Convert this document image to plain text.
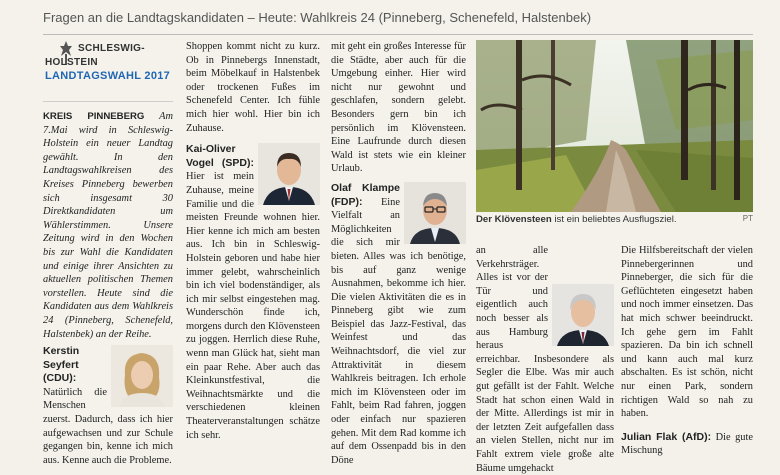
Fragen an die Landtagskandidaten – Heute: Wahlkreis 24 (Pinneberg, Schenefeld, Halstenbek)
SCHLESWIG-
HOLSTEIN
LANDTAGSWAHL 2017

KREIS PINNEBERG Am 7.Mai wird in Schleswig-Holstein ein neuer Landtag gewählt. In den Landtagswahlkreisen des Kreises Pinneberg bewerben sich insgesamt 30 Direktkandidaten um Wählerstimmen. Unsere Zeitung wird in den Wochen bis zur Wahl die Kandidaten und einige ihrer Ansichten zu aktuellen politischen Themen vorstellen. Heute sind die Kandidaten aus dem Wahlkreis 24 (Pinneberg, Schenefeld, Halstenbek) an der Reihe.

Kerstin Seyfert (CDU): Natürlich die Menschen zuerst. Dadurch, dass ich hier aufgewachsen und zur Schule gegangen bin, kenne ich mich aus. Kenne auch die Probleme.

Shoppen kommt nicht zu kurz. Ob in Pinnebergs Innenstadt, beim Möbelkauf in Halstenbek oder trockenen Fußes im Schenefeld Center. Ich fühle mich hier wohl. Hier bin ich Zuhause.

Kai-Oliver Vogel (SPD): Hier ist mein Zuhause, meine Familie und die meisten Freunde wohnen hier. Hier kenne ich mich am besten aus. Ich bin in Schleswig-Holstein geboren und habe hier immer gelebt, wahrscheinlich bin ich viel bodenständiger, als ich mir selbst eingestehen mag. Wunderschön finde ich, morgens durch den Klövensteen zu joggen. Herrlich diese Ruhe, wenn man Glück hat, sieht man ein paar Rehe. Aber auch das Kleinkunstfestival, die Weihnachtsmärkte und die verschiedenen kleinen Theaterveranstaltungen schätze ich sehr.

mit geht ein großes Interesse für die Städte, aber auch für die Umgebung einher. Hier wird nicht nur gewohnt und geschlafen, sondern gelebt. Besonders gern bin ich persönlich im Klövensteen. Eine Laufrunde durch diesen Wald ist stets wie ein kleiner Urlaub.

Olaf Klampe (FDP): Eine Vielfalt an Möglichkeiten die sich mir bieten. Alles was ich benötige, bis auf ganz wenige Ausnahmen, bekomme ich hier. Die vielen Aktivitäten die es in Pinneberg gibt wie zum Beispiel das Jazz-Festival, das Weinfest und das Weihnachtsdorf, die viel zur Attraktivität in diesem Wahlkreis beitragen. Ich erhole mich im Klövensteen oder im Fahlt, beim Rad fahren, joggen oder einfach nur spazieren gehen. Mit dem Rad komme ich auf dem Ossenpadd bis in den Döne

Der Klövensteen ist ein beliebtes Ausflugsziel.	PT

an alle Verkehrsträger. Alles ist vor der Tür und eigentlich auch noch besser als aus Hamburg heraus erreichbar. Insbesondere als Segler die Elbe. Was mir auch gut gefällt ist der Fahlt. Welche Stadt hat schon einen Wald in der Mitte. Allerdings ist mir in der letzten Zeit aufgefallen dass an vielen Stellen, nicht nur im Fahlt extrem viele große alte Bäume umgehackt

Die Hilfsbereitschaft der vielen Pinnebergerinnen und Pinneberger, die sich für die Geflüchteten eingesetzt haben und noch immer einsetzen. Das hat mich schwer beeindruckt. Ich gehe gern im Fahlt spazieren. Da bin ich schnell und kann auch mal kurz abschalten. Es ist schön, nicht nur einen Park, sondern richtigen Wald so nah zu haben.

Julian Flak (AfD): Die gute Mischung
